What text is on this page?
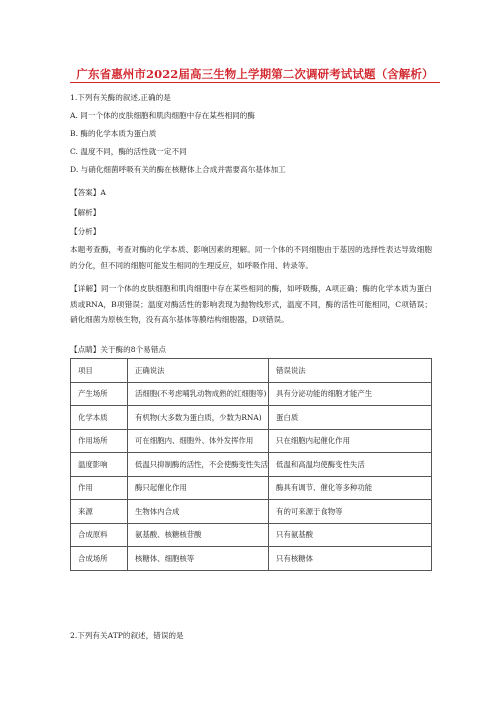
广东省惠州市2022届高三生物上学期第二次调研考试试题（含解析）
1.下列有关酶的叙述,正确的是
A. 同一个体的皮肤细胞和肌肉细胞中存在某些相同的酶
B. 酶的化学本质为蛋白质
C. 温度不同，酶的活性就一定不同
D. 与硝化细菌呼吸有关的酶在核糖体上合成并需要高尔基体加工
【答案】A
【解析】
【分析】
本题考查酶，考查对酶的化学本质、影响因素的理解。同一个体的不同细胞由于基因的选择性表达导致细胞的分化，但不同的细胞可能发生相同的生理反应，如呼吸作用、转录等。
【详解】同一个体的皮肤细胞和肌肉细胞中存在某些相同的酶，如呼吸酶，A项正确；酶的化学本质为蛋白质或RNA，B项错误；温度对酶活性的影响表现为抛物线形式，温度不同，酶的活性可能相同，C项错误；硝化细菌为原核生物，没有高尔基体等膜结构细胞器，D项错误。
【点睛】关于酶的8个易错点
项目	正确说法	错误说法
产生场所	活细胞(不考虑哺乳动物成熟的红细胞等)	具有分泌功能的细胞才能产生
化学本质	有机物(大多数为蛋白质，少数为RNA)	蛋白质
作用场所	可在细胞内、细胞外、体外发挥作用	只在细胞内起催化作用
温度影响	低温只抑制酶的活性，不会使酶变性失活	低温和高温均使酶变性失活
作用	酶只起催化作用	酶具有调节、催化等多种功能
来源	生物体内合成	有的可来源于食物等
合成原料	氨基酸、核糖核苷酸	只有氨基酸
合成场所	核糖体、细胞核等	只有核糖体
2.下列有关ATP的叙述，错误的是
